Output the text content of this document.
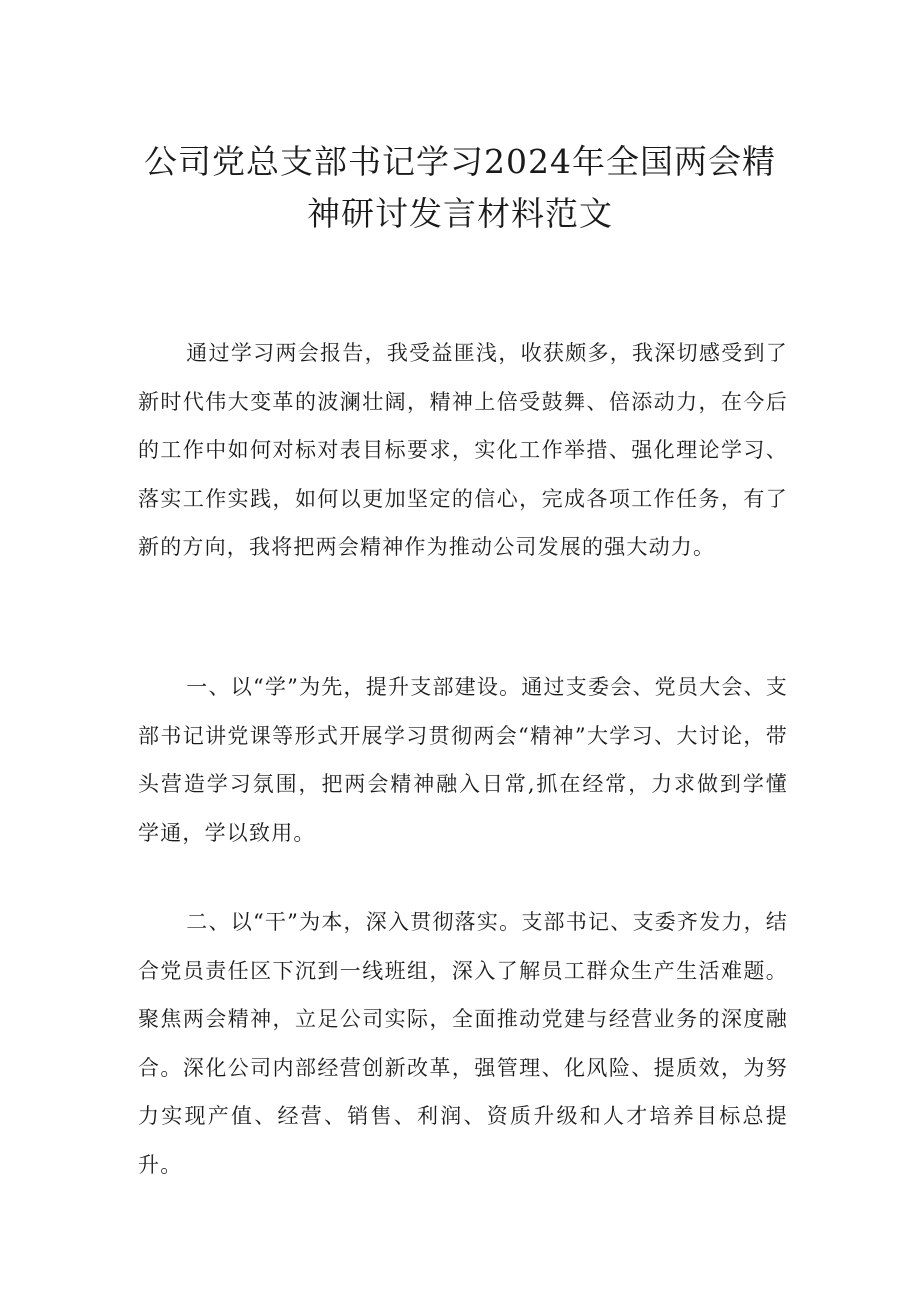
公司党总支部书记学习2024年全国两会精
神研讨发言材料范文

通过学习两会报告，我受益匪浅，收获颇多，我深切感受到了新时代伟大变革的波澜壮阔，精神上倍受鼓舞、倍添动力，在今后的工作中如何对标对表目标要求，实化工作举措、强化理论学习、落实工作实践，如何以更加坚定的信心，完成各项工作任务，有了新的方向，我将把两会精神作为推动公司发展的强大动力。

一、以“学”为先，提升支部建设。通过支委会、党员大会、支部书记讲党课等形式开展学习贯彻两会“精神”大学习、大讨论，带头营造学习氛围，把两会精神融入日常,抓在经常，力求做到学懂学通，学以致用。

二、以“干”为本，深入贯彻落实。支部书记、支委齐发力，结合党员责任区下沉到一线班组，深入了解员工群众生产生活难题。聚焦两会精神，立足公司实际，全面推动党建与经营业务的深度融合。深化公司内部经营创新改革，强管理、化风险、提质效，为努力实现产值、经营、销售、利润、资质升级和人才培养目标总提升。
